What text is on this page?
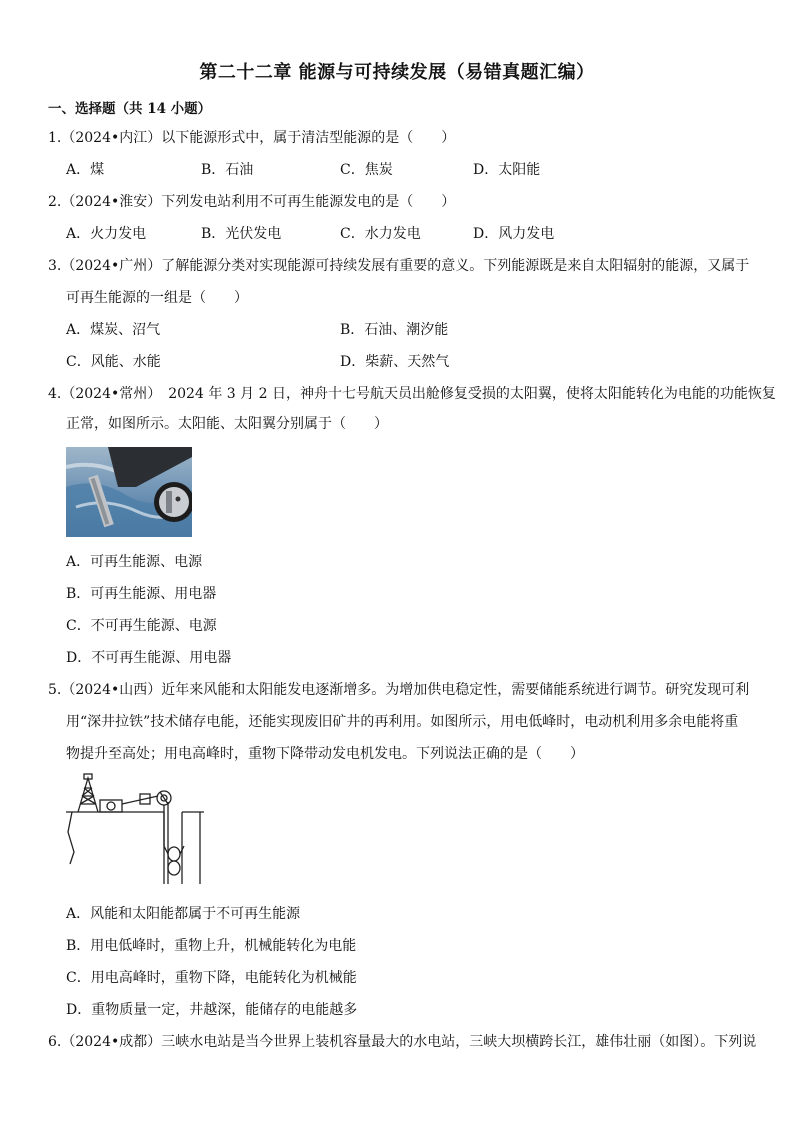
第二十二章 能源与可持续发展（易错真题汇编）
一、选择题（共 14 小题）
1.（2024•内江）以下能源形式中，属于清洁型能源的是（　　）
A．煤	B．石油	C．焦炭	D．太阳能
2.（2024•淮安）下列发电站利用不可再生能源发电的是（　　）
A．火力发电	B．光伏发电	C．水力发电	D．风力发电
3.（2024•广州）了解能源分类对实现能源可持续发展有重要的意义。下列能源既是来自太阳辐射的能源，又属于
可再生能源的一组是（　　）
A．煤炭、沼气	B．石油、潮汐能
C．风能、水能	D．柴薪、天然气
4.（2024•常州）　2024 年 3 月 2 日，神舟十七号航天员出舱修复受损的太阳翼，使将太阳能转化为电能的功能恢复
正常，如图所示。太阳能、太阳翼分别属于（　　）
A．可再生能源、电源
B．可再生能源、用电器
C．不可再生能源、电源
D．不可再生能源、用电器
5.（2024•山西）近年来风能和太阳能发电逐渐增多。为增加供电稳定性，需要储能系统进行调节。研究发现可利
用“深井拉铁”技术储存电能，还能实现废旧矿井的再利用。如图所示，用电低峰时，电动机利用多余电能将重
物提升至高处；用电高峰时，重物下降带动发电机发电。下列说法正确的是（　　）
A．风能和太阳能都属于不可再生能源
B．用电低峰时，重物上升，机械能转化为电能
C．用电高峰时，重物下降，电能转化为机械能
D．重物质量一定，井越深，能储存的电能越多
6.（2024•成都）三峡水电站是当今世界上装机容量最大的水电站，三峡大坝横跨长江，雄伟壮丽（如图）。下列说
